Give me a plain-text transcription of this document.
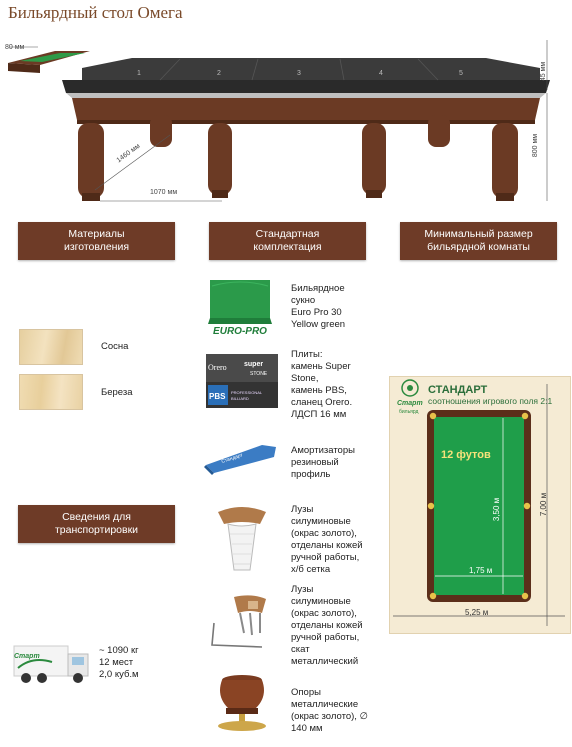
Бильярдный стол Омега
1	2	3	4	5
80 мм
45 мм
800 мм
1460 мм
1070 мм
Материалы
изготовления
Стандартная
комплектация
Минимальный размер
бильярдной комнаты
Сведения для
транспортировки
Сосна
Береза
EURO-PRO
Orero super
STONE
PBS PROFESSIONAL
BILLIARD
Стандарт
Бильярдное
сукно
Euro Pro 30
Yellow green
Плиты:
камень Super
Stone,
камень PBS,
сланец Orero.
ЛДСП 16 мм
Амортизаторы
резиновый
профиль
Лузы
силуминовые
(окрас золото),
отделаны кожей
ручной работы,
х/б сетка
Лузы
силуминовые
(окрас золото),
отделаны кожей
ручной работы,
скат
металлический
Опоры
металлические
(окрас золото), ∅
140 мм
Старт
бильярд
СТАНДАРТ
соотношения игрового поля 2:1
12 футов
3,50 м
1,75 м
7,00 м
5,25 м
Старт
~ 1090 кг
12 мест
2,0 куб.м
